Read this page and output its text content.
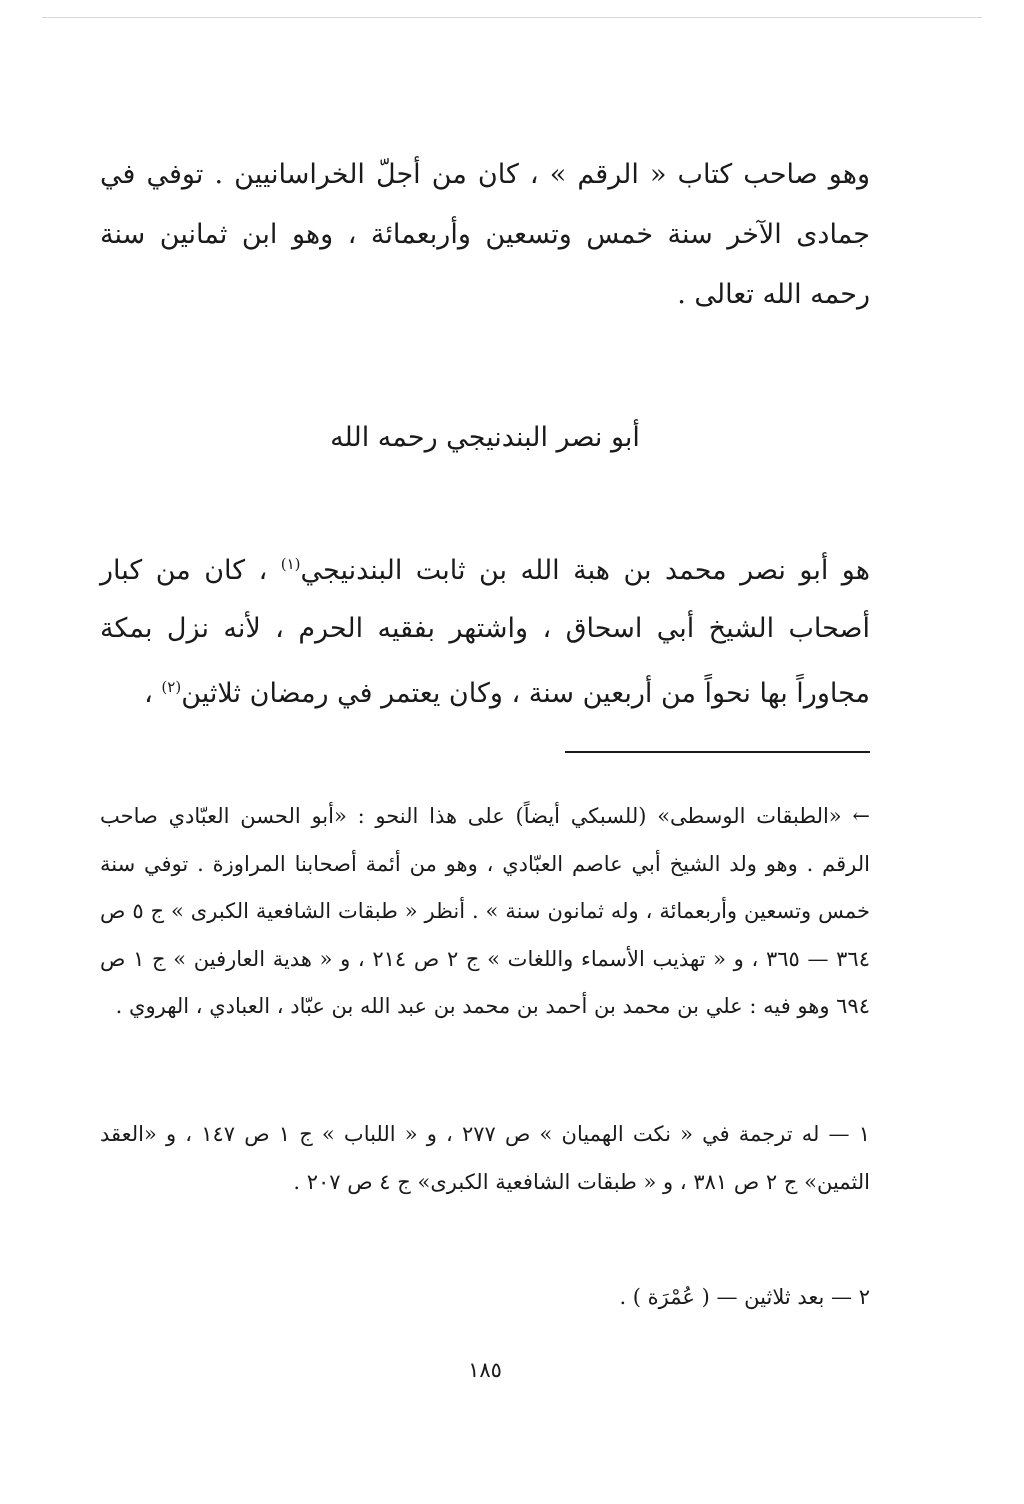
وهو صاحب كتاب « الرقم » ، كان من أجلّ الخراسانيين . توفي في جمادى الآخر سنة خمس وتسعين وأربعمائة ، وهو ابن ثمانين سنة رحمه الله تعالى .

أبو نصر البندنيجي رحمه الله

هو أبو نصر محمد بن هبة الله بن ثابت البندنيجي$^{(١)}$ ، كان من كبار أصحاب الشيخ أبي اسحاق ، واشتهر بفقيه الحرم ، لأنه نزل بمكة مجاوراً بها نحواً من أربعين سنة ، وكان يعتمر في رمضان ثلاثين$^{(٢)}$ ،

← «الطبقات الوسطى» (للسبكي أيضاً) على هذا النحو : «أبو الحسن العبّادي صاحب الرقم . وهو ولد الشيخ أبي عاصم العبّادي ، وهو من أئمة أصحابنا المراوزة . توفي سنة خمس وتسعين وأربعمائة ، وله ثمانون سنة » . أنظر « طبقات الشافعية الكبرى » ج ٥ ص ٣٦٤ — ٣٦٥ ، و « تهذيب الأسماء واللغات » ج ٢ ص ٢١٤ ، و « هدية العارفين » ج ١ ص ٦٩٤ وهو فيه : علي بن محمد بن أحمد بن محمد بن عبد الله بن عبّاد ، العبادي ، الهروي .

١ — له ترجمة في « نكت الهميان » ص ٢٧٧ ، و « اللباب » ج ١ ص ١٤٧ ، و «العقد الثمين» ج ٢ ص ٣٨١ ، و « طبقات الشافعية الكبرى» ج ٤ ص ٢٠٧ .

٢ — بعد ثلاثين — ( عُمْرَة ) .

١٨٥
